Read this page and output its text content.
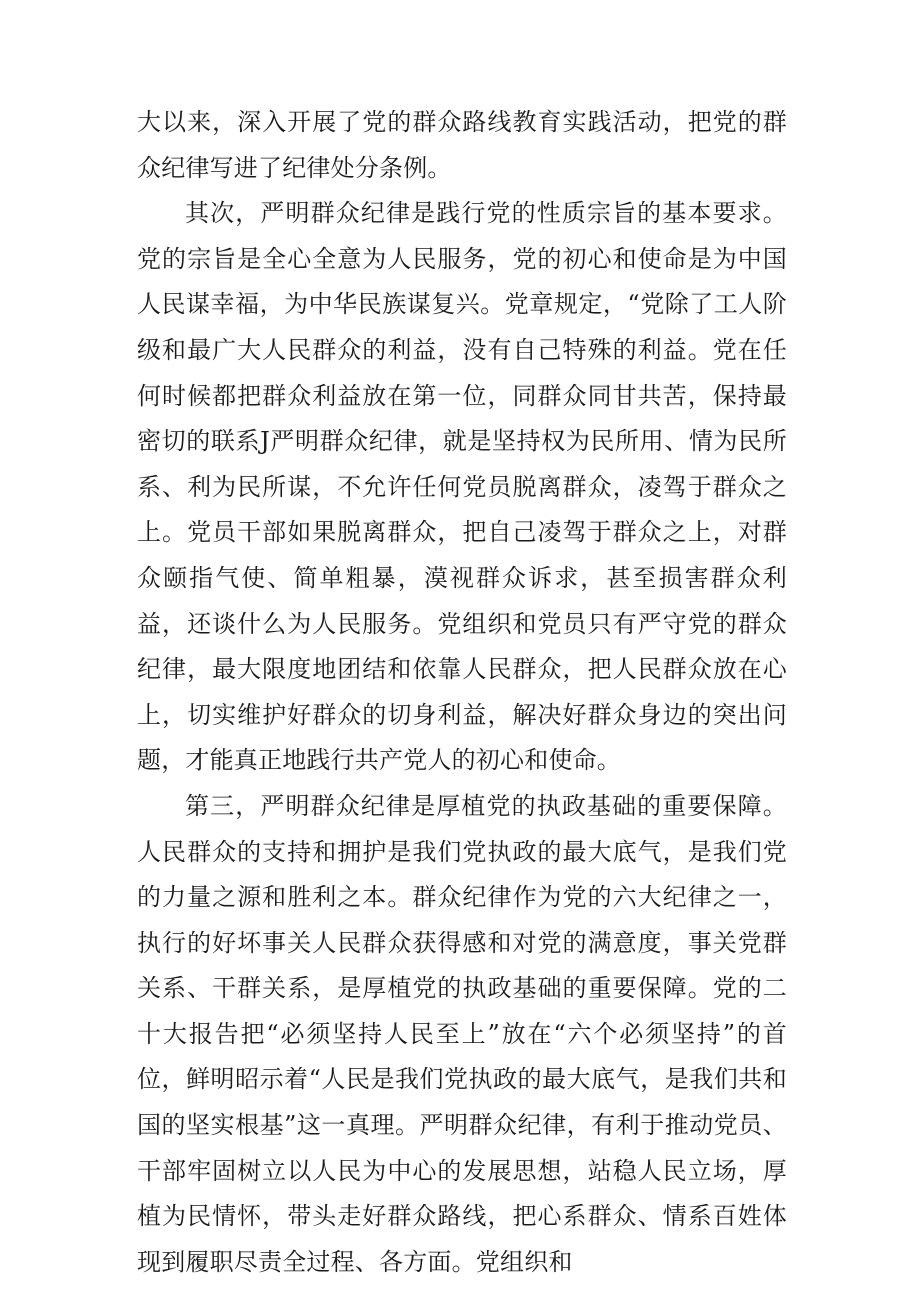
大以来，深入开展了党的群众路线教育实践活动，把党的群众纪律写进了纪律处分条例。

其次，严明群众纪律是践行党的性质宗旨的基本要求。党的宗旨是全心全意为人民服务，党的初心和使命是为中国人民谋幸福，为中华民族谋复兴。党章规定，“党除了工人阶级和最广大人民群众的利益，没有自己特殊的利益。党在任何时候都把群众利益放在第一位，同群众同甘共苦，保持最密切的联系J严明群众纪律，就是坚持权为民所用、情为民所系、利为民所谋，不允许任何党员脱离群众，凌驾于群众之上。党员干部如果脱离群众，把自己凌驾于群众之上，对群众颐指气使、简单粗暴，漠视群众诉求，甚至损害群众利益，还谈什么为人民服务。党组织和党员只有严守党的群众纪律，最大限度地团结和依靠人民群众，把人民群众放在心上，切实维护好群众的切身利益，解决好群众身边的突出问题，才能真正地践行共产党人的初心和使命。

第三，严明群众纪律是厚植党的执政基础的重要保障。人民群众的支持和拥护是我们党执政的最大底气，是我们党的力量之源和胜利之本。群众纪律作为党的六大纪律之一，执行的好坏事关人民群众获得感和对党的满意度，事关党群关系、干群关系，是厚植党的执政基础的重要保障。党的二十大报告把“必须坚持人民至上”放在“六个必须坚持”的首位，鲜明昭示着“人民是我们党执政的最大底气，是我们共和国的坚实根基”这一真理。严明群众纪律，有利于推动党员、干部牢固树立以人民为中心的发展思想，站稳人民立场，厚植为民情怀，带头走好群众路线，把心系群众、情系百姓体现到履职尽责全过程、各方面。党组织和
